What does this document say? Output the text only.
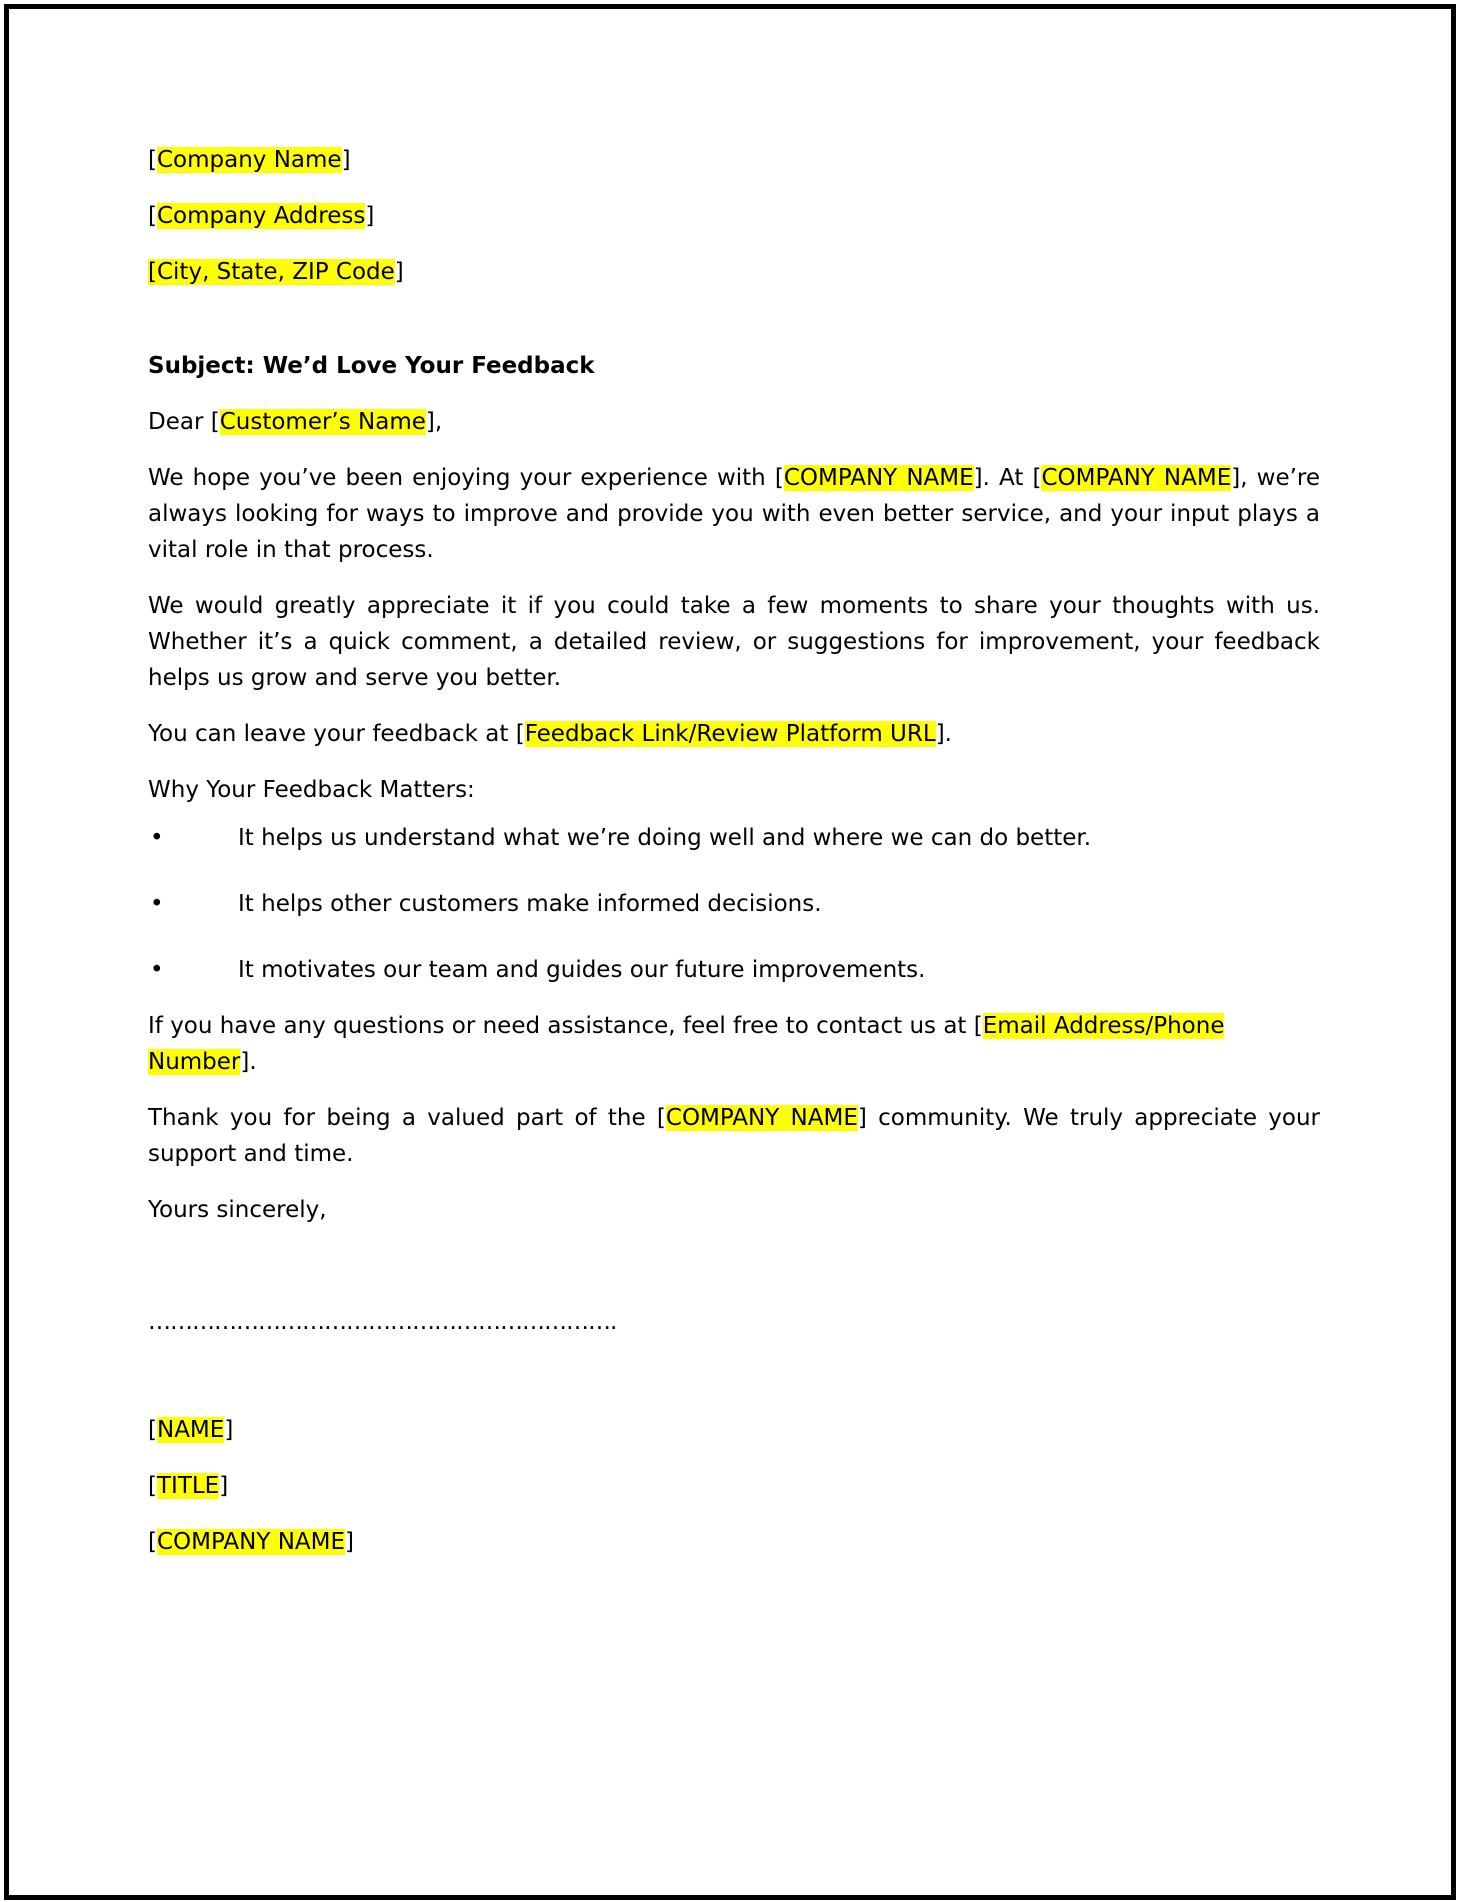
[Company Name]

[Company Address]

[City, State, ZIP Code]

Subject: We’d Love Your Feedback

Dear [Customer’s Name],

We hope you’ve been enjoying your experience with [COMPANY NAME]. At [COMPANY NAME], we’re always looking for ways to improve and provide you with even better service, and your input plays a vital role in that process.

We would greatly appreciate it if you could take a few moments to share your thoughts with us. Whether it’s a quick comment, a detailed review, or suggestions for improvement, your feedback helps us grow and serve you better.

You can leave your feedback at [Feedback Link/Review Platform URL].

Why Your Feedback Matters:

•	It helps us understand what we’re doing well and where we can do better.
•	It helps other customers make informed decisions.
•	It motivates our team and guides our future improvements.

If you have any questions or need assistance, feel free to contact us at [Email Address/Phone Number].

Thank you for being a valued part of the [COMPANY NAME] community. We truly appreciate your support and time.

Yours sincerely,

……………………………………………………….

[NAME]

[TITLE]

[COMPANY NAME]
